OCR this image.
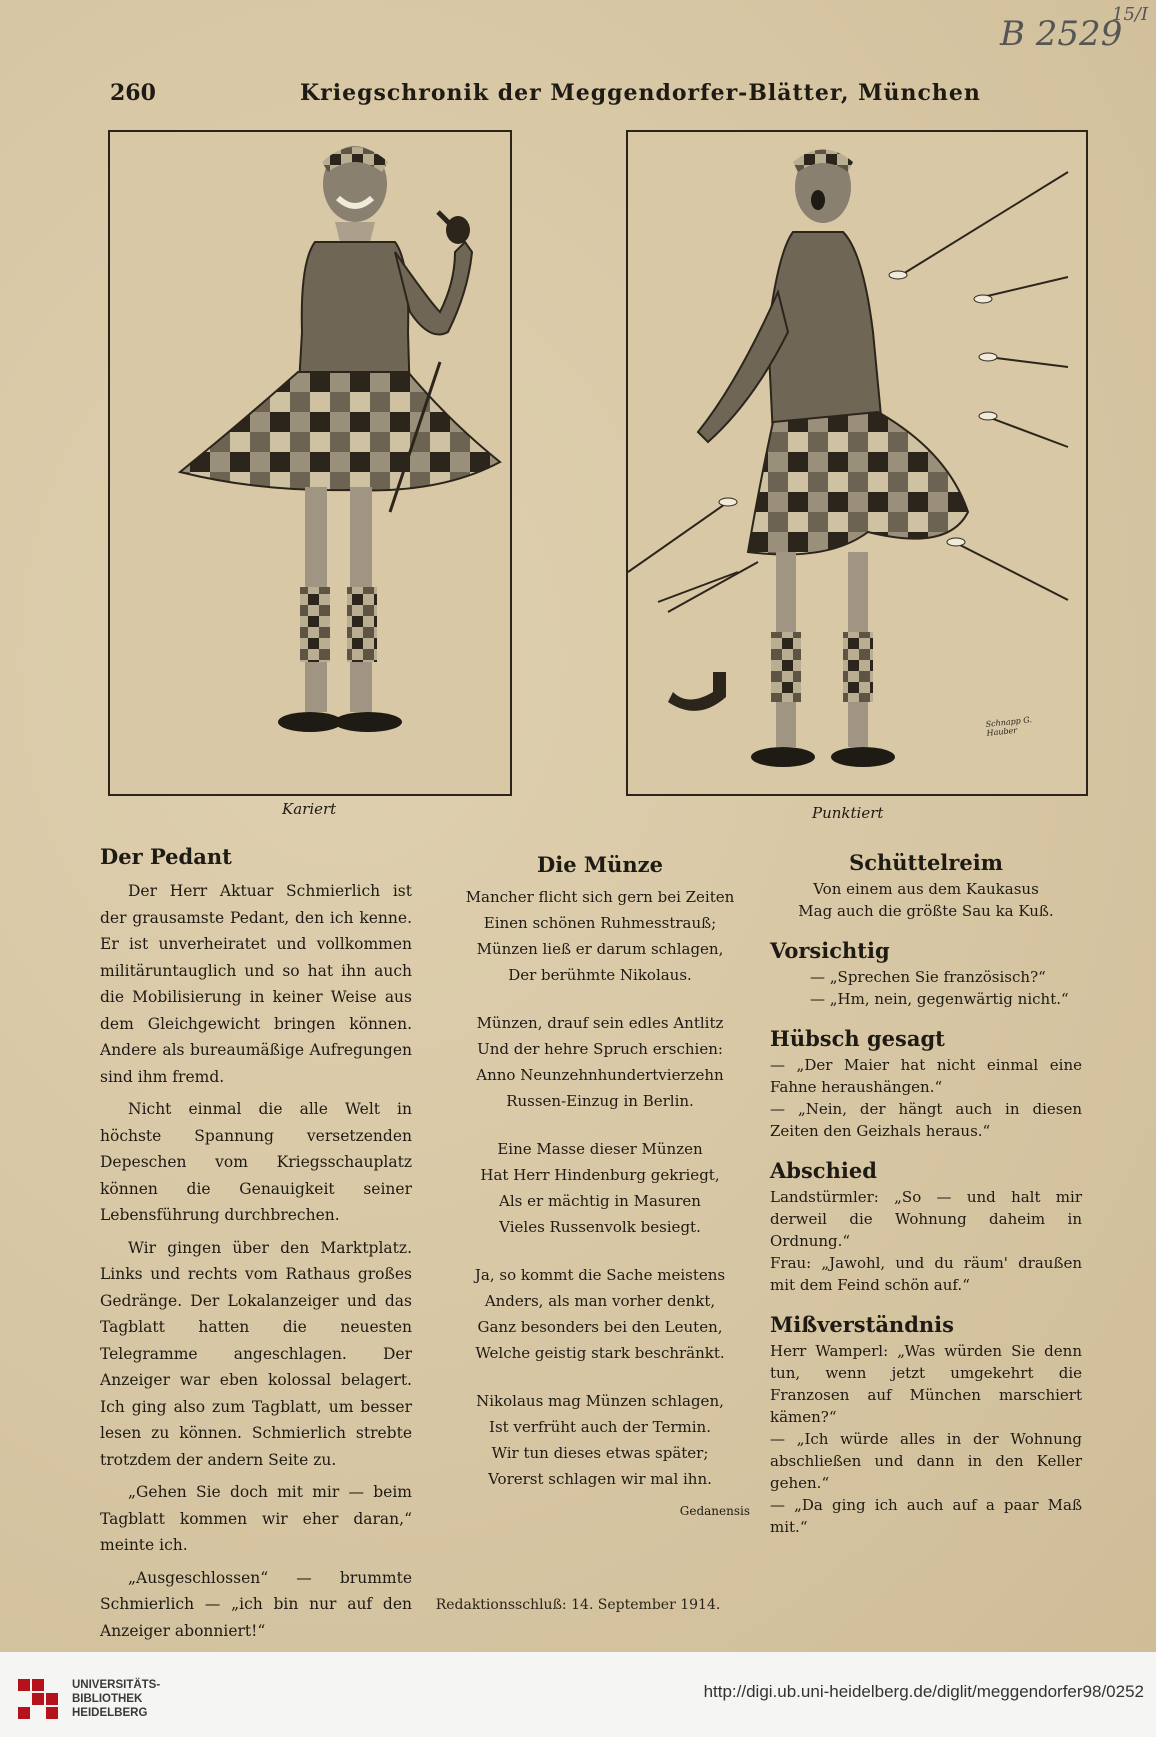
B 2529
15/I
260	Kriegschronik der Meggendorfer-Blätter, München
Kariert
Schnapp G. Hauber
Punktiert

Der Pedant

Der Herr Aktuar Schmierlich ist der grausamste Pedant, den ich kenne. Er ist unverheiratet und vollkommen militäruntauglich und so hat ihn auch die Mobilisierung in keiner Weise aus dem Gleichgewicht bringen können. Andere als bureaumäßige Aufregungen sind ihm fremd.

Nicht einmal die alle Welt in höchste Spannung versetzenden Depeschen vom Kriegsschauplatz können die Genauigkeit seiner Lebensführung durchbrechen.

Wir gingen über den Marktplatz. Links und rechts vom Rathaus großes Gedränge. Der Lokalanzeiger und das Tagblatt hatten die neuesten Telegramme angeschlagen. Der Anzeiger war eben kolossal belagert. Ich ging also zum Tagblatt, um besser lesen zu können. Schmierlich strebte trotzdem der andern Seite zu.

„Gehen Sie doch mit mir — beim Tagblatt kommen wir eher daran,“ meinte ich.

„Ausgeschlossen“ — brummte Schmierlich — „ich bin nur auf den Anzeiger abonniert!“

Die Münze

Mancher flicht sich gern bei Zeiten
Einen schönen Ruhmesstrauß;
Münzen ließ er darum schlagen,
Der berühmte Nikolaus.
Münzen, drauf sein edles Antlitz
Und der hehre Spruch erschien:
Anno Neunzehnhundertvierzehn
Russen-Einzug in Berlin.
Eine Masse dieser Münzen
Hat Herr Hindenburg gekriegt,
Als er mächtig in Masuren
Vieles Russenvolk besiegt.
Ja, so kommt die Sache meistens
Anders, als man vorher denkt,
Ganz besonders bei den Leuten,
Welche geistig stark beschränkt.
Nikolaus mag Münzen schlagen,
Ist verfrüht auch der Termin.
Wir tun dieses etwas später;
Vorerst schlagen wir mal ihn.

Gedanensis

Schüttelreim

Von einem aus dem Kaukasus

Mag auch die größte Sau ka Kuß.

Vorsichtig

— „Sprechen Sie französisch?“

— „Hm, nein, gegenwärtig nicht.“

Hübsch gesagt

— „Der Maier hat nicht einmal eine Fahne heraushängen.“

— „Nein, der hängt auch in diesen Zeiten den Geizhals heraus.“

Abschied

Landstürmler: „So — und halt mir derweil die Wohnung daheim in Ordnung.“

Frau: „Jawohl, und du räum' draußen mit dem Feind schön auf.“

Mißverständnis

Herr Wamperl: „Was würden Sie denn tun, wenn jetzt umgekehrt die Franzosen auf München marschiert kämen?“

— „Ich würde alles in der Wohnung abschließen und dann in den Keller gehen.“

— „Da ging ich auch auf a paar Maß mit.“

Redaktionsschluß: 14. September 1914.
UNIVERSITÄTS-
BIBLIOTHEK
HEIDELBERG
http://digi.ub.uni-heidelberg.de/diglit/meggendorfer98/0252
